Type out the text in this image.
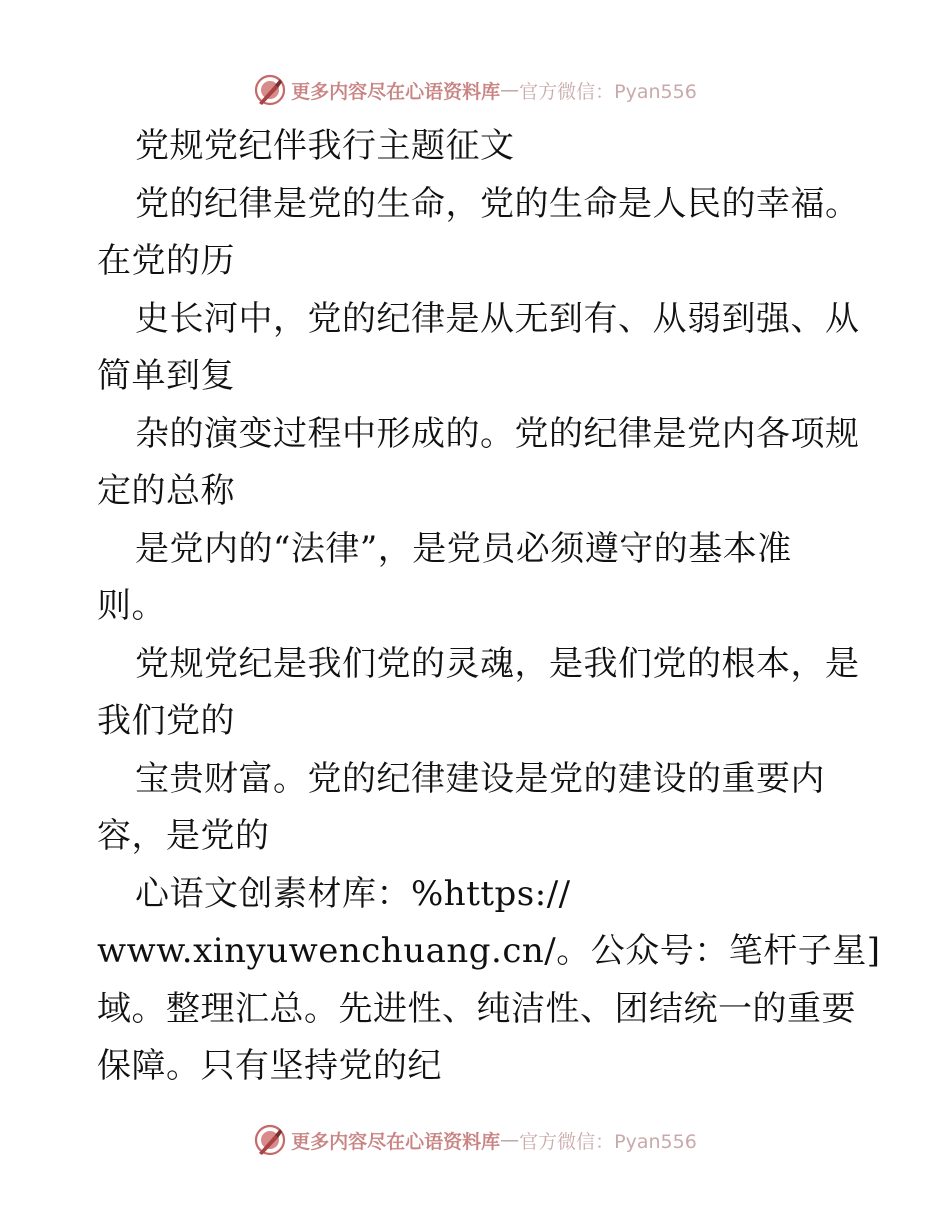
更多内容尽在心语资料库 — 官方微信：Pyan556
党规党纪伴我行主题征文
党的纪律是党的生命，党的生命是人民的幸福。
在党的历
史长河中，党的纪律是从无到有、从弱到强、从
简单到复
杂的演变过程中形成的。党的纪律是党内各项规
定的总称
是党内的“法律”，是党员必须遵守的基本准
则。
党规党纪是我们党的灵魂，是我们党的根本，是
我们党的
宝贵财富。党的纪律建设是党的建设的重要内
容，是党的
心语文创素材库：%https://
www.xinyuwenchuang.cn/。公众号：笔杆子星]
域。整理汇总。先进性、纯洁性、团结统一的重要
保障。只有坚持党的纪
更多内容尽在心语资料库 — 官方微信：Pyan556
